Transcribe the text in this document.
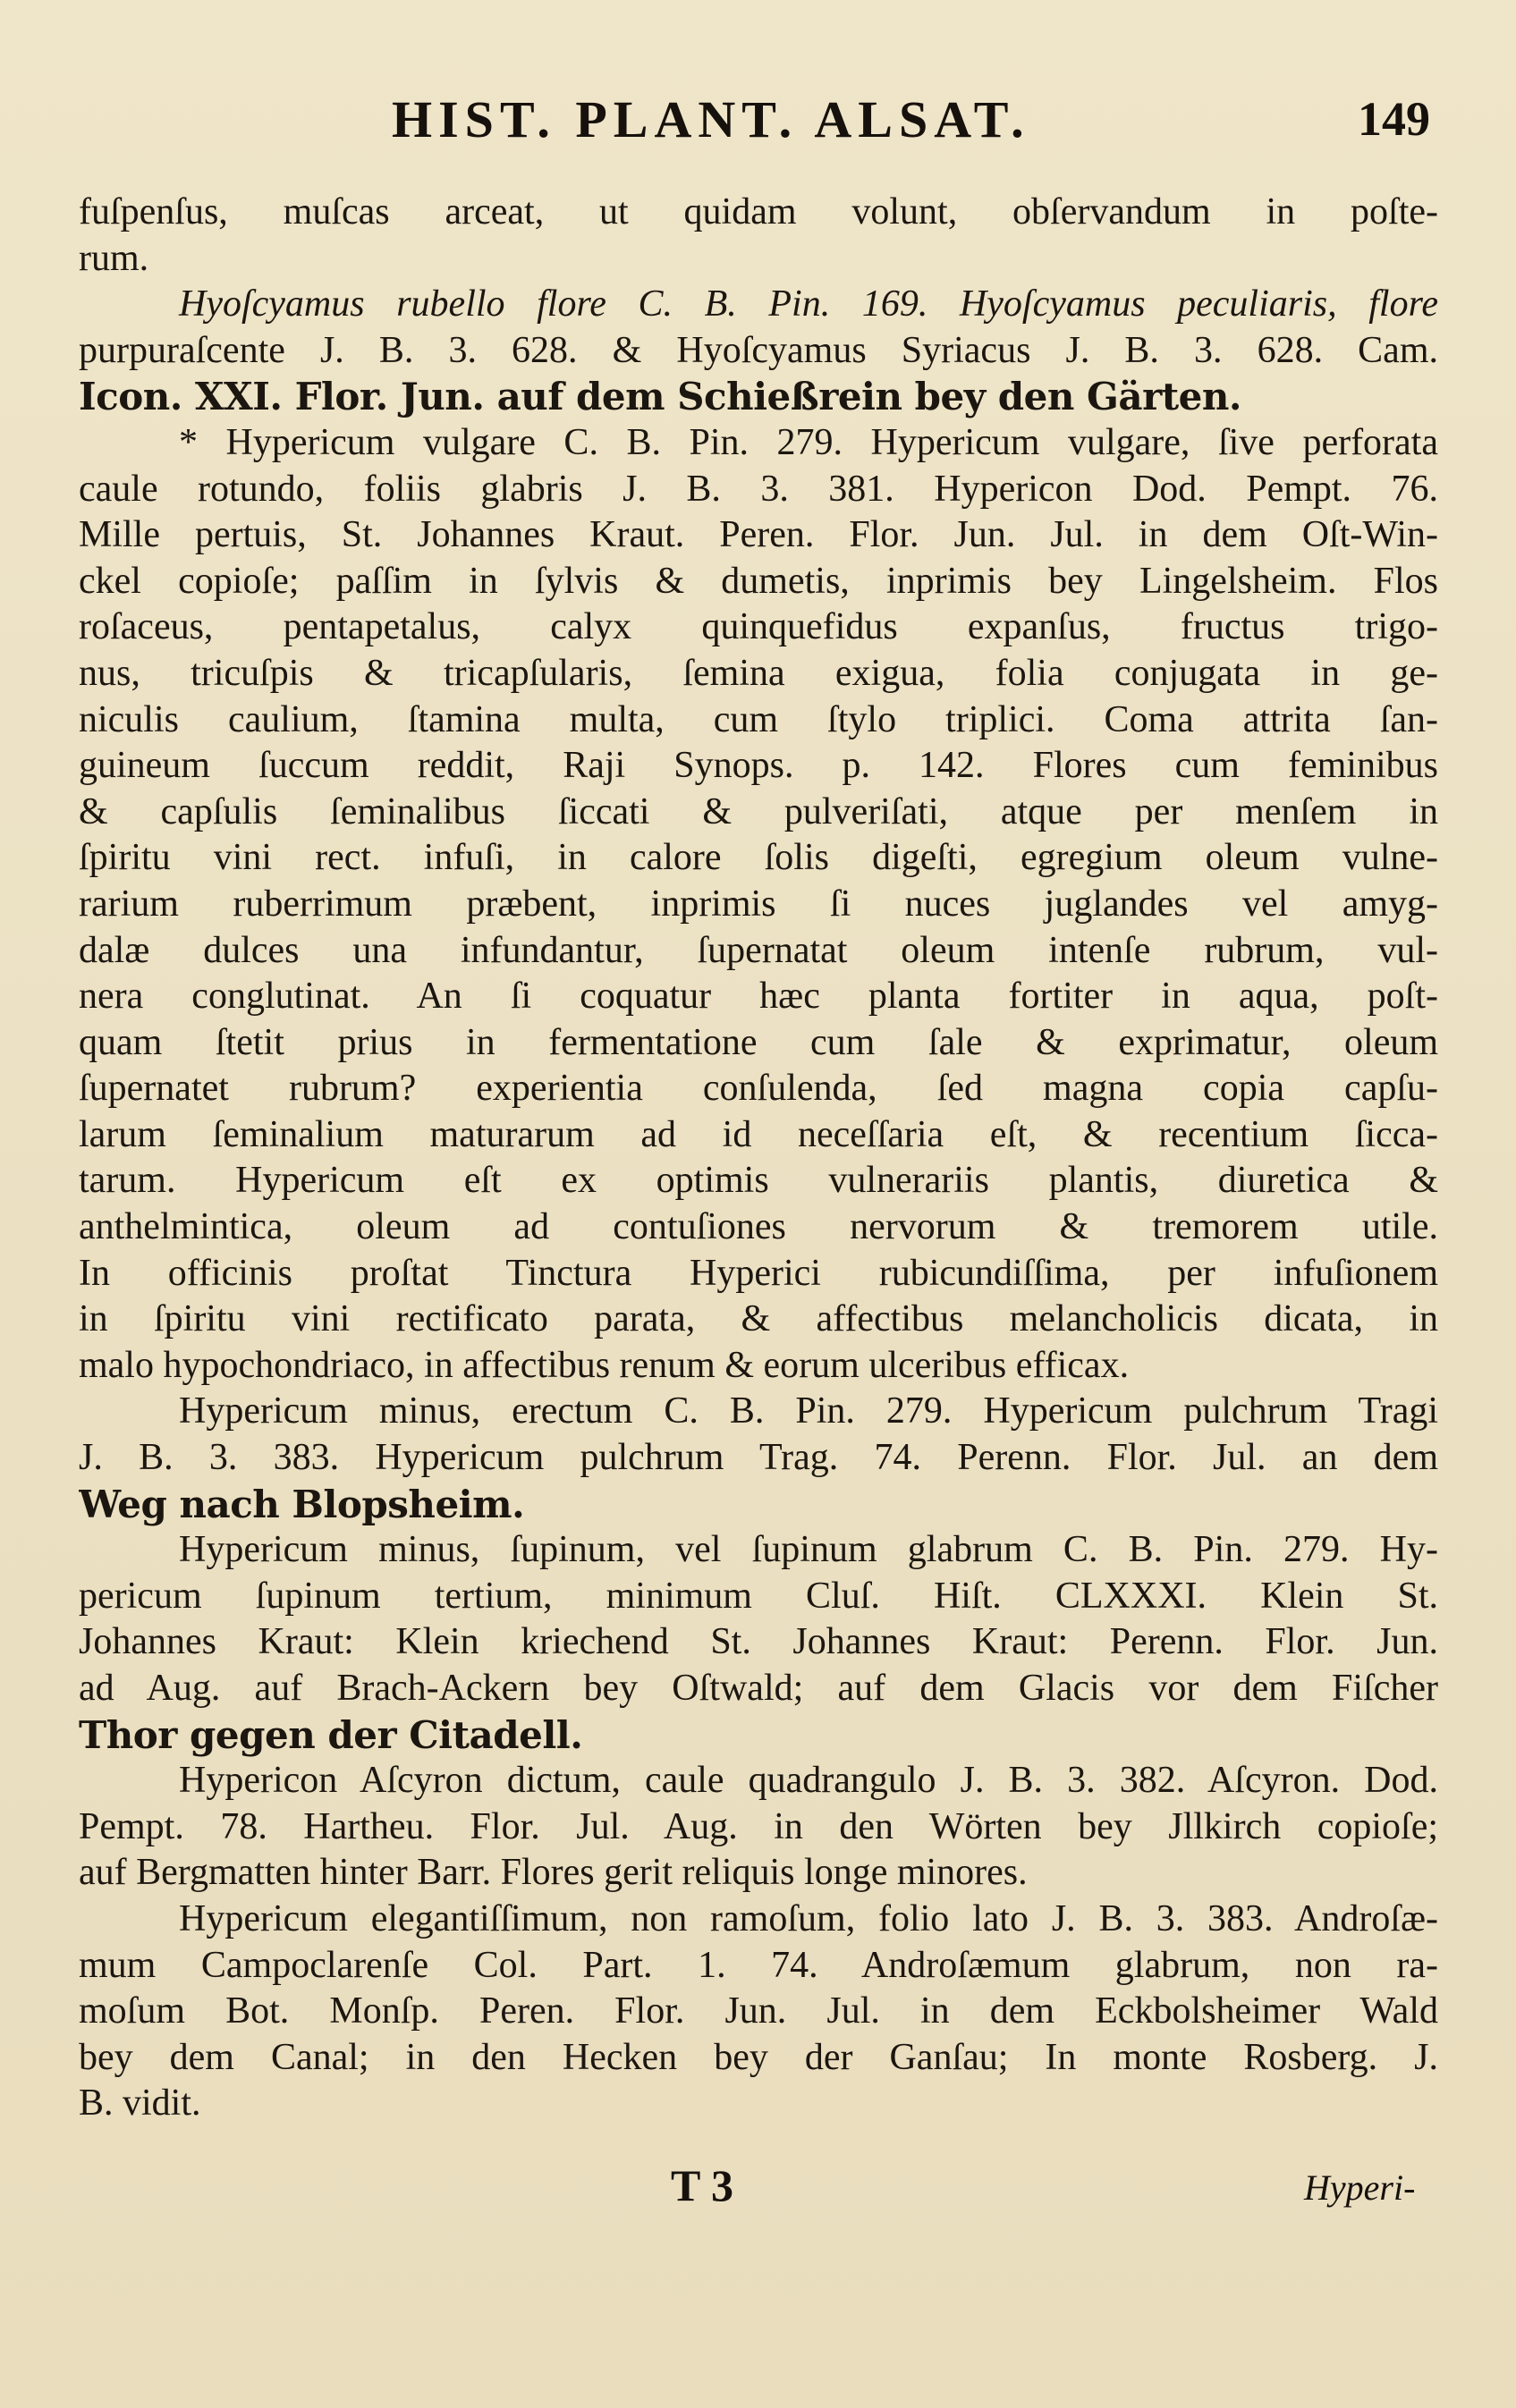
HIST. PLANT. ALSAT.	149
fuſpenſus, muſcas arceat, ut quidam volunt, obſervandum in poſte-
rum.
Hyoſcyamus rubello flore C. B. Pin. 169. Hyoſcyamus peculiaris, flore
purpuraſcente J. B. 3. 628. & Hyoſcyamus Syriacus J. B. 3. 628. Cam.
Icon. XXI. Flor. Jun. auf dem Schießrein bey den Gärten.
* Hypericum vulgare C. B. Pin. 279. Hypericum vulgare, ſive perforata
caule rotundo, foliis glabris J. B. 3. 381. Hypericon Dod. Pempt. 76.
Mille pertuis, St. Johannes Kraut. Peren. Flor. Jun. Jul. in dem Oſt-Win-
ckel copioſe; paſſim in ſylvis & dumetis, inprimis bey Lingelsheim. Flos
roſaceus, pentapetalus, calyx quinquefidus expanſus, fructus trigo-
nus, tricuſpis & tricapſularis, ſemina exigua, folia conjugata in ge-
niculis caulium, ſtamina multa, cum ſtylo triplici. Coma attrita ſan-
guineum ſuccum reddit, Raji Synops. p. 142. Flores cum feminibus
& capſulis ſeminalibus ſiccati & pulveriſati, atque per menſem in
ſpiritu vini rect. infuſi, in calore ſolis digeſti, egregium oleum vulne-
rarium ruberrimum præbent, inprimis ſi nuces juglandes vel amyg-
dalæ dulces una infundantur, ſupernatat oleum intenſe rubrum, vul-
nera conglutinat. An ſi coquatur hæc planta fortiter in aqua, poſt-
quam ſtetit prius in fermentatione cum ſale & exprimatur, oleum
ſupernatet rubrum? experientia conſulenda, ſed magna copia capſu-
larum ſeminalium maturarum ad id neceſſaria eſt, & recentium ſicca-
tarum. Hypericum eſt ex optimis vulnerariis plantis, diuretica &
anthelmintica, oleum ad contuſiones nervorum & tremorem utile.
In officinis proſtat Tinctura Hyperici rubicundiſſima, per infuſionem
in ſpiritu vini rectificato parata, & affectibus melancholicis dicata, in
malo hypochondriaco, in affectibus renum & eorum ulceribus efficax.
Hypericum minus, erectum C. B. Pin. 279. Hypericum pulchrum Tragi
J. B. 3. 383. Hypericum pulchrum Trag. 74. Perenn. Flor. Jul. an dem
Weg nach Blopsheim.
Hypericum minus, ſupinum, vel ſupinum glabrum C. B. Pin. 279. Hy-
pericum ſupinum tertium, minimum Cluſ. Hiſt. CLXXXI. Klein St.
Johannes Kraut: Klein kriechend St. Johannes Kraut: Perenn. Flor. Jun.
ad Aug. auf Brach-Ackern bey Oſtwald; auf dem Glacis vor dem Fiſcher
Thor gegen der Citadell.
Hypericon Aſcyron dictum, caule quadrangulo J. B. 3. 382. Aſcyron. Dod.
Pempt. 78. Hartheu. Flor. Jul. Aug. in den Wörten bey Jllkirch copioſe;
auf Bergmatten hinter Barr. Flores gerit reliquis longe minores.
Hypericum elegantiſſimum, non ramoſum, folio lato J. B. 3. 383. Androſæ-
mum Campoclarenſe Col. Part. 1. 74. Androſæmum glabrum, non ra-
moſum Bot. Monſp. Peren. Flor. Jun. Jul. in dem Eckbolsheimer Wald
bey dem Canal; in den Hecken bey der Ganſau; In monte Rosberg. J.
B. vidit.
T 3	Hyperi-
